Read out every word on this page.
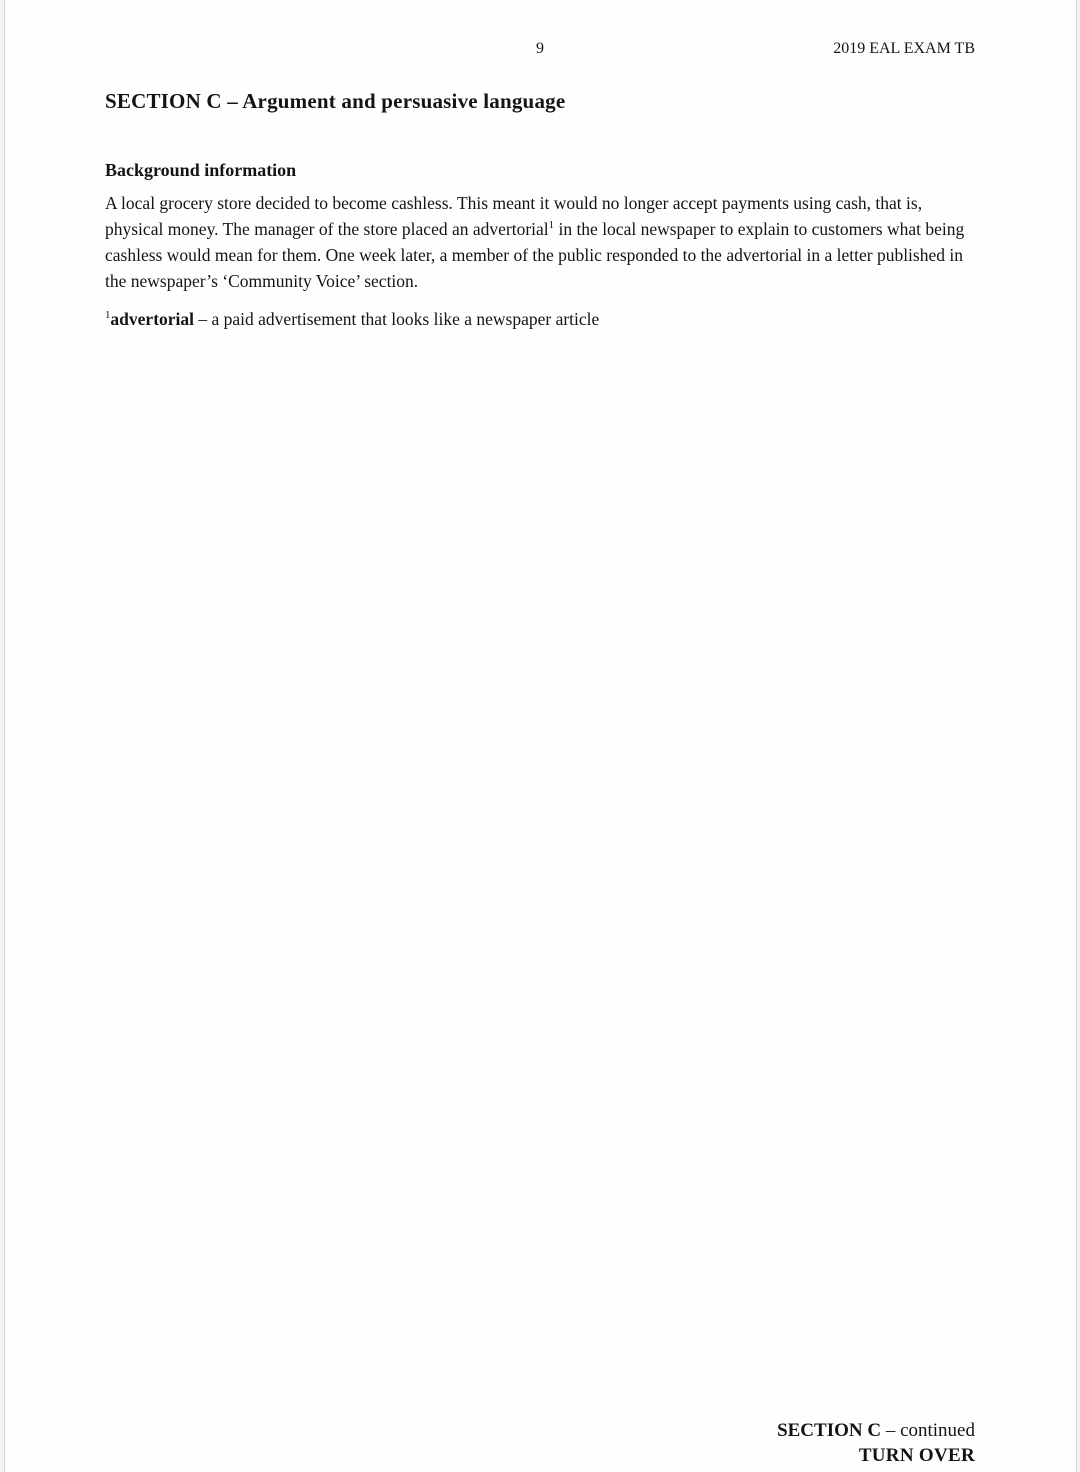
9	2019 EAL EXAM TB
SECTION C – Argument and persuasive language
Background information

A local grocery store decided to become cashless. This meant it would no longer accept payments using cash, that is, physical money. The manager of the store placed an advertorial$^1$ in the local newspaper to explain to customers what being cashless would mean for them. One week later, a member of the public responded to the advertorial in a letter published in the newspaper’s ‘Community Voice’ section.

$^1$advertorial – a paid advertisement that looks like a newspaper article

SECTION C – continued
TURN OVER
